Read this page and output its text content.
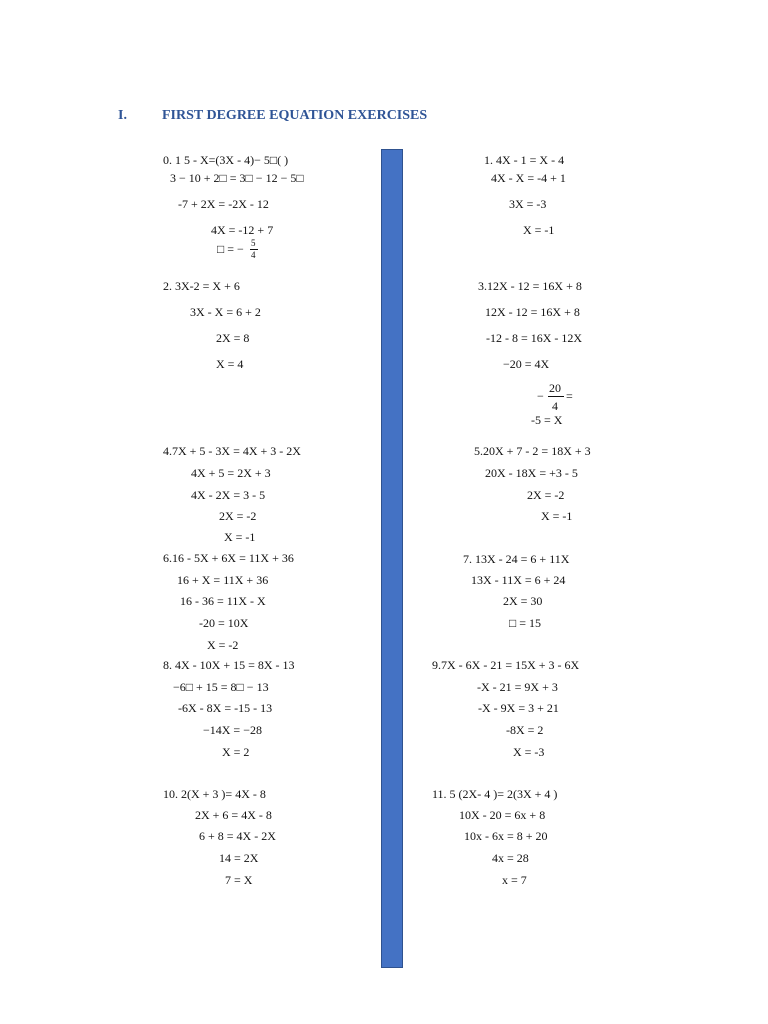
I.	FIRST DEGREE EQUATION EXERCISES
0. 1 5 - X=(3X - 4)− 5□( )
3 − 10 + 2□ = 3□ − 12 − 5□
-7 + 2X = -2X - 12
4X = -12 + 7
□ = − 5
4
2. 3X-2 = X + 6
3X - X = 6 + 2
2X = 8
X = 4
4.7X + 5 - 3X = 4X + 3 - 2X
4X + 5 = 2X + 3
4X - 2X = 3 - 5
2X = -2
X = -1
6.16 - 5X + 6X = 11X + 36
16 + X = 11X + 36
16 - 36 = 11X - X
-20 = 10X
X = -2
8. 4X - 10X + 15 = 8X - 13
−6□ + 15 = 8□ − 13
-6X - 8X = -15 - 13
−14X = −28
X = 2
10. 2(X + 3 )= 4X - 8
2X + 6 = 4X - 8
6 + 8 = 4X - 2X
14 = 2X
7 = X
1. 4X - 1 = X - 4
4X - X = -4 + 1
3X = -3
X = -1
3.12X - 12 = 16X + 8
12X - 12 = 16X + 8
-12 - 8 = 16X - 12X
−20 = 4X
−
20
4
=
-5 = X
5.20X + 7 - 2 = 18X + 3
20X - 18X = +3 - 5
2X = -2
X = -1
7. 13X - 24 = 6 + 11X
13X - 11X = 6 + 24
2X = 30
□ = 15
9.7X - 6X - 21 = 15X + 3 - 6X
-X - 21 = 9X + 3
-X - 9X = 3 + 21
-8X = 2
X = -3
11. 5 (2X- 4 )= 2(3X + 4 )
10X - 20 = 6x + 8
10x - 6x = 8 + 20
4x = 28
x = 7
